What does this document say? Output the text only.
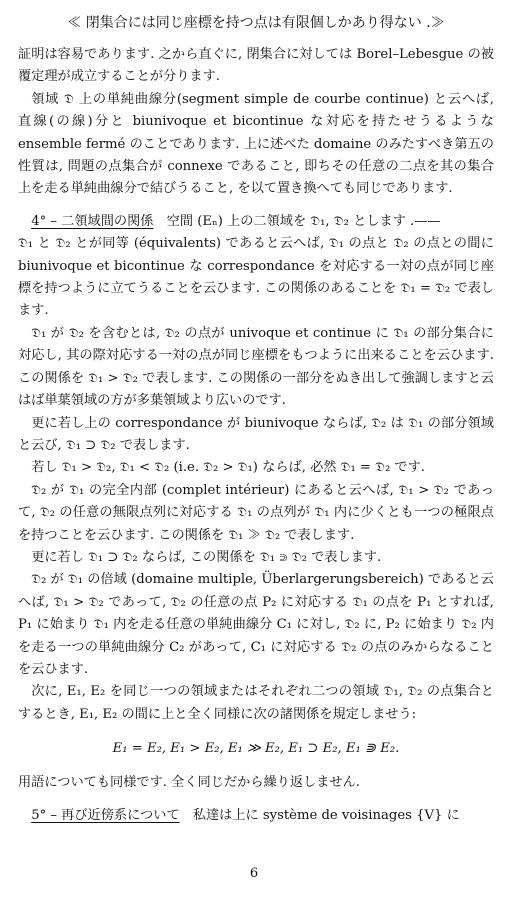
≪ 閉集合には同じ座標を持つ点は有限個しかあり得ない .≫

証明は容易であります. 之から直ぐに, 閉集合に対しては Borel–Lebesgue の被覆定理が成立することが分ります.

領域 𝔇 上の単純曲線分(segment simple de courbe continue) と云へば, 直線(の線)分と biunivoque et bicontinue な対応を持たせうるような ensemble fermé のことであります. 上に述べた domaine のみたすべき第五の性質は, 問題の点集合が connexe であること, 即ちその任意の二点を其の集合上を走る単純曲線分で結びうること, を以て置き換へても同じであります.

4° – 二領域間の関係　 空間 (Eₙ) 上の二領域を 𝔇₁, 𝔇₂ とします .——

𝔇₁ と 𝔇₂ とが同等 (équivalents) であると云へば, 𝔇₁ の点と 𝔇₂ の点との間に biunivoque et bicontinue な correspondance を対応する一対の点が同じ座標を持つように立てうることを云ひます. この関係のあることを 𝔇₁ = 𝔇₂ で表します.

𝔇₁ が 𝔇₂ を含むとは, 𝔇₂ の点が univoque et continue に 𝔇₁ の部分集合に対応し, 其の際対応する一対の点が同じ座標をもつように出来ることを云ひます. この関係を 𝔇₁ > 𝔇₂ で表します. この関係の一部分をぬき出して強調しますと云はば単葉領域の方が多葉領域より広いのです.

更に若し上の correspondance が biunivoque ならば, 𝔇₂ は 𝔇₁ の部分領域と云び, 𝔇₁ ⊃ 𝔇₂ で表します.

若し 𝔇₁ > 𝔇₂, 𝔇₁ < 𝔇₂ (i.e. 𝔇₂ > 𝔇₁) ならば, 必然 𝔇₁ = 𝔇₂ です.

𝔇₂ が 𝔇₁ の完全内部 (complet intérieur) にあると云へば, 𝔇₁ > 𝔇₂ であって, 𝔇₂ の任意の無限点列に対応する 𝔇₁ の点列が 𝔇₁ 内に少くとも一つの極限点を持つことを云ひます. この関係を 𝔇₁ ≫ 𝔇₂ で表します.

更に若し 𝔇₁ ⊃ 𝔇₂ ならば, この関係を 𝔇₁ ⋑ 𝔇₂ で表します.

𝔇₂ が 𝔇₁ の倍域 (domaine multiple, Überlargerungsbereich) であると云へば, 𝔇₁ > 𝔇₂ であって, 𝔇₂ の任意の点 P₂ に対応する 𝔇₁ の点を P₁ とすれば, P₁ に始まり 𝔇₁ 内を走る任意の単純曲線分 C₁ に対し, 𝔇₂ に, P₂ に始まり 𝔇₂ 内を走る一つの単純曲線分 C₂ があって, C₁ に対応する 𝔇₂ の点のみからなることを云ひます.

次に, E₁, E₂ を同じ一つの領域またはそれぞれ二つの領域 𝔇₁, 𝔇₂ の点集合とするとき, E₁, E₂ の間に上と全く同様に次の諸関係を規定しませう:

E₁ = E₂, E₁ > E₂, E₁ ≫ E₂, E₁ ⊃ E₂, E₁ ⋑ E₂.

用語についても同様です. 全く同じだから繰り返しません.

5° – 再び近傍系について　 私達は上に système de voisinages {V} に

6
